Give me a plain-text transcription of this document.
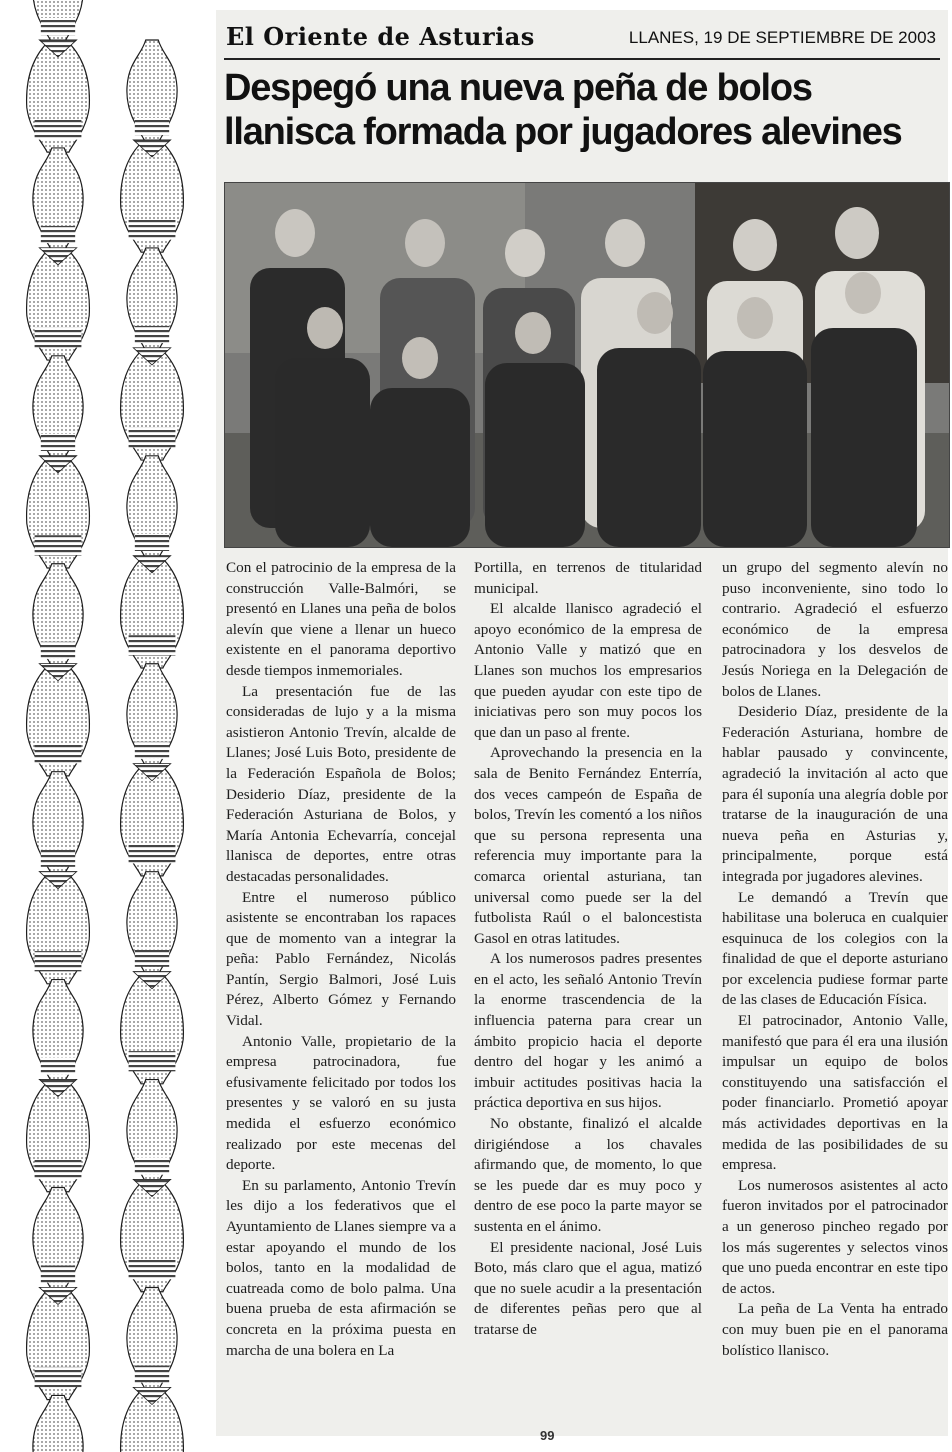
El Oriente de Asturias	LLANES, 19 DE SEPTIEMBRE DE 2003
Despegó una nueva peña de bolos llanisca formada por jugadores alevines

Con el patrocinio de la empresa de la construcción Valle-Balmóri, se presentó en Llanes una peña de bolos alevín que viene a llenar un hueco existente en el panorama deportivo desde tiempos inmemoriales.

La presentación fue de las consideradas de lujo y a la misma asistieron Antonio Trevín, alcalde de Llanes; José Luis Boto, presidente de la Federación Española de Bolos; Desiderio Díaz, presidente de la Federación Asturiana de Bolos, y María Antonia Echevarría, concejal llanisca de deportes, entre otras destacadas personalidades.

Entre el numeroso público asistente se encontraban los rapaces que de momento van a integrar la peña: Pablo Fernández, Nicolás Pantín, Sergio Balmori, José Luis Pérez, Alberto Gómez y Fernando Vidal.

Antonio Valle, propietario de la empresa patrocinadora, fue efusivamente felicitado por todos los presentes y se valoró en su justa medida el esfuerzo económico realizado por este mecenas del deporte.

En su parlamento, Antonio Trevín les dijo a los federativos que el Ayuntamiento de Llanes siempre va a estar apoyando el mundo de los bolos, tanto en la modalidad de cuatreada como de bolo palma. Una buena prueba de esta afirmación se concreta en la próxima puesta en marcha de una bolera en La

Portilla, en terrenos de titularidad municipal.

El alcalde llanisco agradeció el apoyo económico de la empresa de Antonio Valle y matizó que en Llanes son muchos los empresarios que pueden ayudar con este tipo de iniciativas pero son muy pocos los que dan un paso al frente.

Aprovechando la presencia en la sala de Benito Fernández Enterría, dos veces campeón de España de bolos, Trevín les comentó a los niños que su persona representa una referencia muy importante para la comarca oriental asturiana, tan universal como puede ser la del futbolista Raúl o el baloncestista Gasol en otras latitudes.

A los numerosos padres presentes en el acto, les señaló Antonio Trevín la enorme trascendencia de la influencia paterna para crear un ámbito propicio hacia el deporte dentro del hogar y les animó a imbuir actitudes positivas hacia la práctica deportiva en sus hijos.

No obstante, finalizó el alcalde dirigiéndose a los chavales afirmando que, de momento, lo que se les puede dar es muy poco y dentro de ese poco la parte mayor se sustenta en el ánimo.

El presidente nacional, José Luis Boto, más claro que el agua, matizó que no suele acudir a la presentación de diferentes peñas pero que al tratarse de

un grupo del segmento alevín no puso inconveniente, sino todo lo contrario. Agradeció el esfuerzo económico de la empresa patrocinadora y los desvelos de Jesús Noriega en la Delegación de bolos de Llanes.

Desiderio Díaz, presidente de la Federación Asturiana, hombre de hablar pausado y convincente, agradeció la invitación al acto que para él suponía una alegría doble por tratarse de la inauguración de una nueva peña en Asturias y, principalmente, porque está integrada por jugadores alevines.

Le demandó a Trevín que habilitase una boleruca en cualquier esquinuca de los colegios con la finalidad de que el deporte asturiano por excelencia pudiese formar parte de las clases de Educación Física.

El patrocinador, Antonio Valle, manifestó que para él era una ilusión impulsar un equipo de bolos constituyendo una satisfacción el poder financiarlo. Prometió apoyar más actividades deportivas en la medida de las posibilidades de su empresa.

Los numerosos asistentes al acto fueron invitados por el patrocinador a un generoso pincheo regado por los más sugerentes y selectos vinos que uno pueda encontrar en este tipo de actos.

La peña de La Venta ha entrado con muy buen pie en el panorama bolístico llanisco.

99
